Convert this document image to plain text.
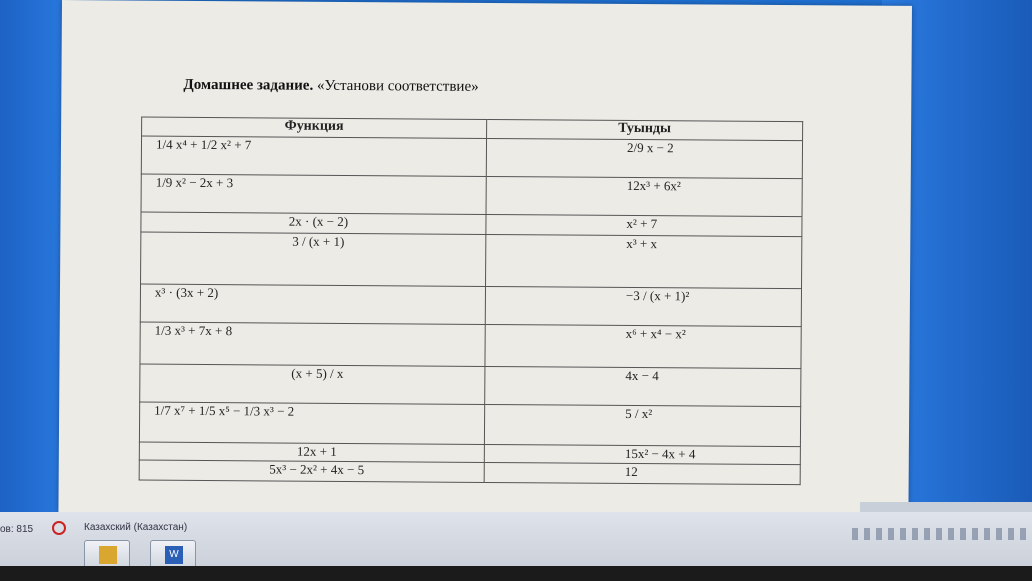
Домашнее задание. «Установи соответствие»
Функция	Туынды
1/4 x⁴ + 1/2 x² + 7	2/9 x − 2
1/9 x² − 2x + 3	12x³ + 6x²
2x · (x − 2)	x² + 7
3 / (x + 1)	x³ + x
x³ · (3x + 2)	−3 / (x + 1)²
1/3 x³ + 7x + 8	x⁶ + x⁴ − x²
(x + 5) / x	4x − 4
1/7 x⁷ + 1/5 x⁵ − 1/3 x³ − 2	5 / x²
12x + 1	15x² − 4x + 4
5x³ − 2x² + 4x − 5	12
ов: 815	Казахский (Казахстан)
W
